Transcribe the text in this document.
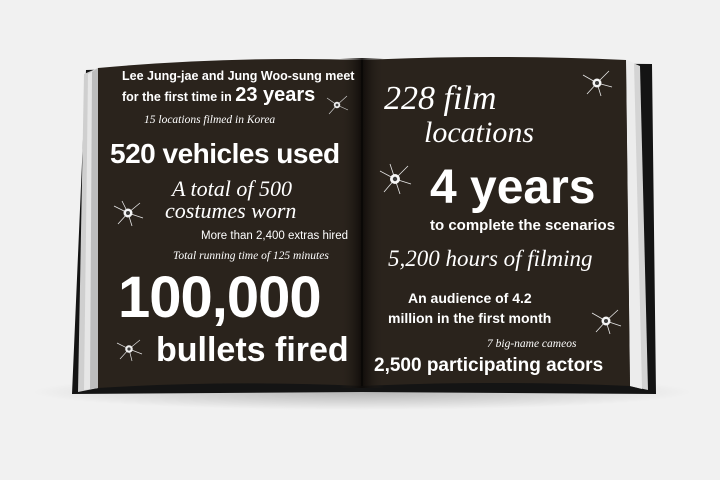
Lee Jung-jae and Jung Woo-sung meet
for the first time in 23 years
15 locations filmed in Korea
520 vehicles used
A total of 500
costumes worn
More than 2,400 extras hired
Total running time of 125 minutes
100,000
bullets fired
228 film
locations
4 years
to complete the scenarios
5,200 hours of filming
An audience of 4.2
million in the first month
7 big-name cameos
2,500 participating actors
